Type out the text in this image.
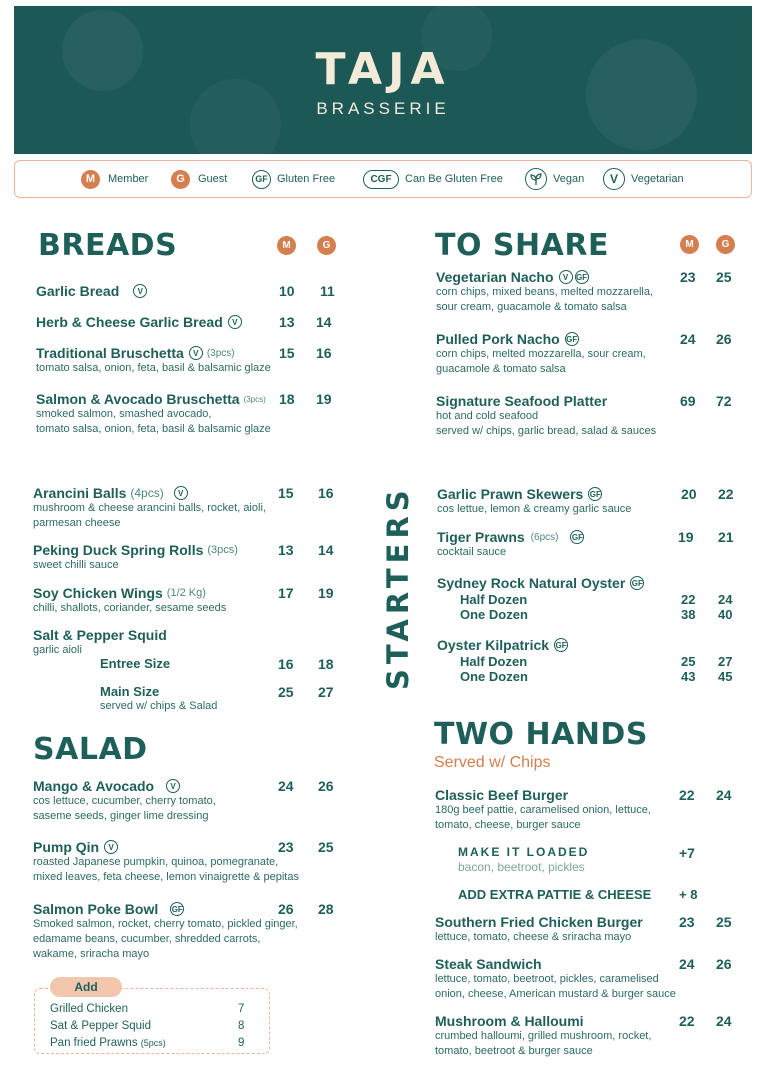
TAJA
BRASSERIE
M	Member	G	Guest	GF Gluten Free	CGF	Can Be Gluten Free	Vegan	V	Vegetarian
BREADS	M	G
Garlic Bread	V	10 11
Herb & Cheese Garlic Bread	V	13 14
Traditional Bruschetta	V (3pcs)
tomato salsa, onion, feta, basil & balsamic glaze
15 16
Salmon & Avocado Bruschetta (3pcs)
smoked salmon, smashed avocado,
tomato salsa, onion, feta, basil & balsamic glaze
18 19
Arancini Balls (4pcs)	V
mushroom & cheese arancini balls, rocket, aioli,
parmesan cheese
15 16
Peking Duck Spring Rolls (3pcs)
sweet chilli sauce
13 14
Soy Chicken Wings (1/2 Kg)
chilli, shallots, coriander, sesame seeds
17 19
Salt & Pepper Squid
garlic aioli
Entree Size	16 18
Main Size	25 27
served w/ chips & Salad
SALAD
Mango & Avocado	V
cos lettuce, cucumber, cherry tomato,
saseme seeds, ginger lime dressing
24 26
Pump Qin	V
roasted Japanese pumpkin, quinoa, pomegranate,
mixed leaves, feta cheese, lemon vinaigrette & pepitas
23 25
Salmon Poke Bowl GF
Smoked salmon, rocket, cherry tomato, pickled ginger,
edamame beans, cucumber, shredded carrots,
wakame, sriracha mayo
26 28
Add
Grilled Chicken	7
Sat & Pepper Squid	8
Pan fried Prawns (5pcs)	9
TO SHARE	M	G
Vegetarian Nacho	V GF
corn chips, mixed beans, melted mozzarella,
sour cream, guacamole & tomato salsa
23 25
Pulled Pork Nacho GF
corn chips, melted mozzarella, sour cream,
guacamole & tomato salsa
24 26
Signature Seafood Platter
hot and cold seafood
served w/ chips, garlic bread, salad & sauces
69 72
STARTERS Garlic Prawn Skewers GF
cos lettue, lemon & creamy garlic sauce
20 22
Tiger Prawns (6pcs) GF
cocktail sauce
19 21
Sydney Rock Natural Oyster GF
Half Dozen	22 24
One Dozen	38 40
Oyster Kilpatrick GF
Half Dozen	25 27
One Dozen	43 45
TWO HANDS
Served w/ Chips
Classic Beef Burger
180g beef pattie, caramelised onion, lettuce,
tomato, cheese, burger sauce
22 24
MAKE IT LOADED	+7
bacon, beetroot, pickles
ADD EXTRA PATTIE & CHEESE + 8
Southern Fried Chicken Burger
lettuce, tomato, cheese & sriracha mayo
23 25
Steak Sandwich
lettuce, tomato, beetroot, pickles, caramelised
onion, cheese, American mustard & burger sauce
24 26
Mushroom & Halloumi
crumbed halloumi, grilled mushroom, rocket,
tomato, beetroot & burger sauce
22 24
